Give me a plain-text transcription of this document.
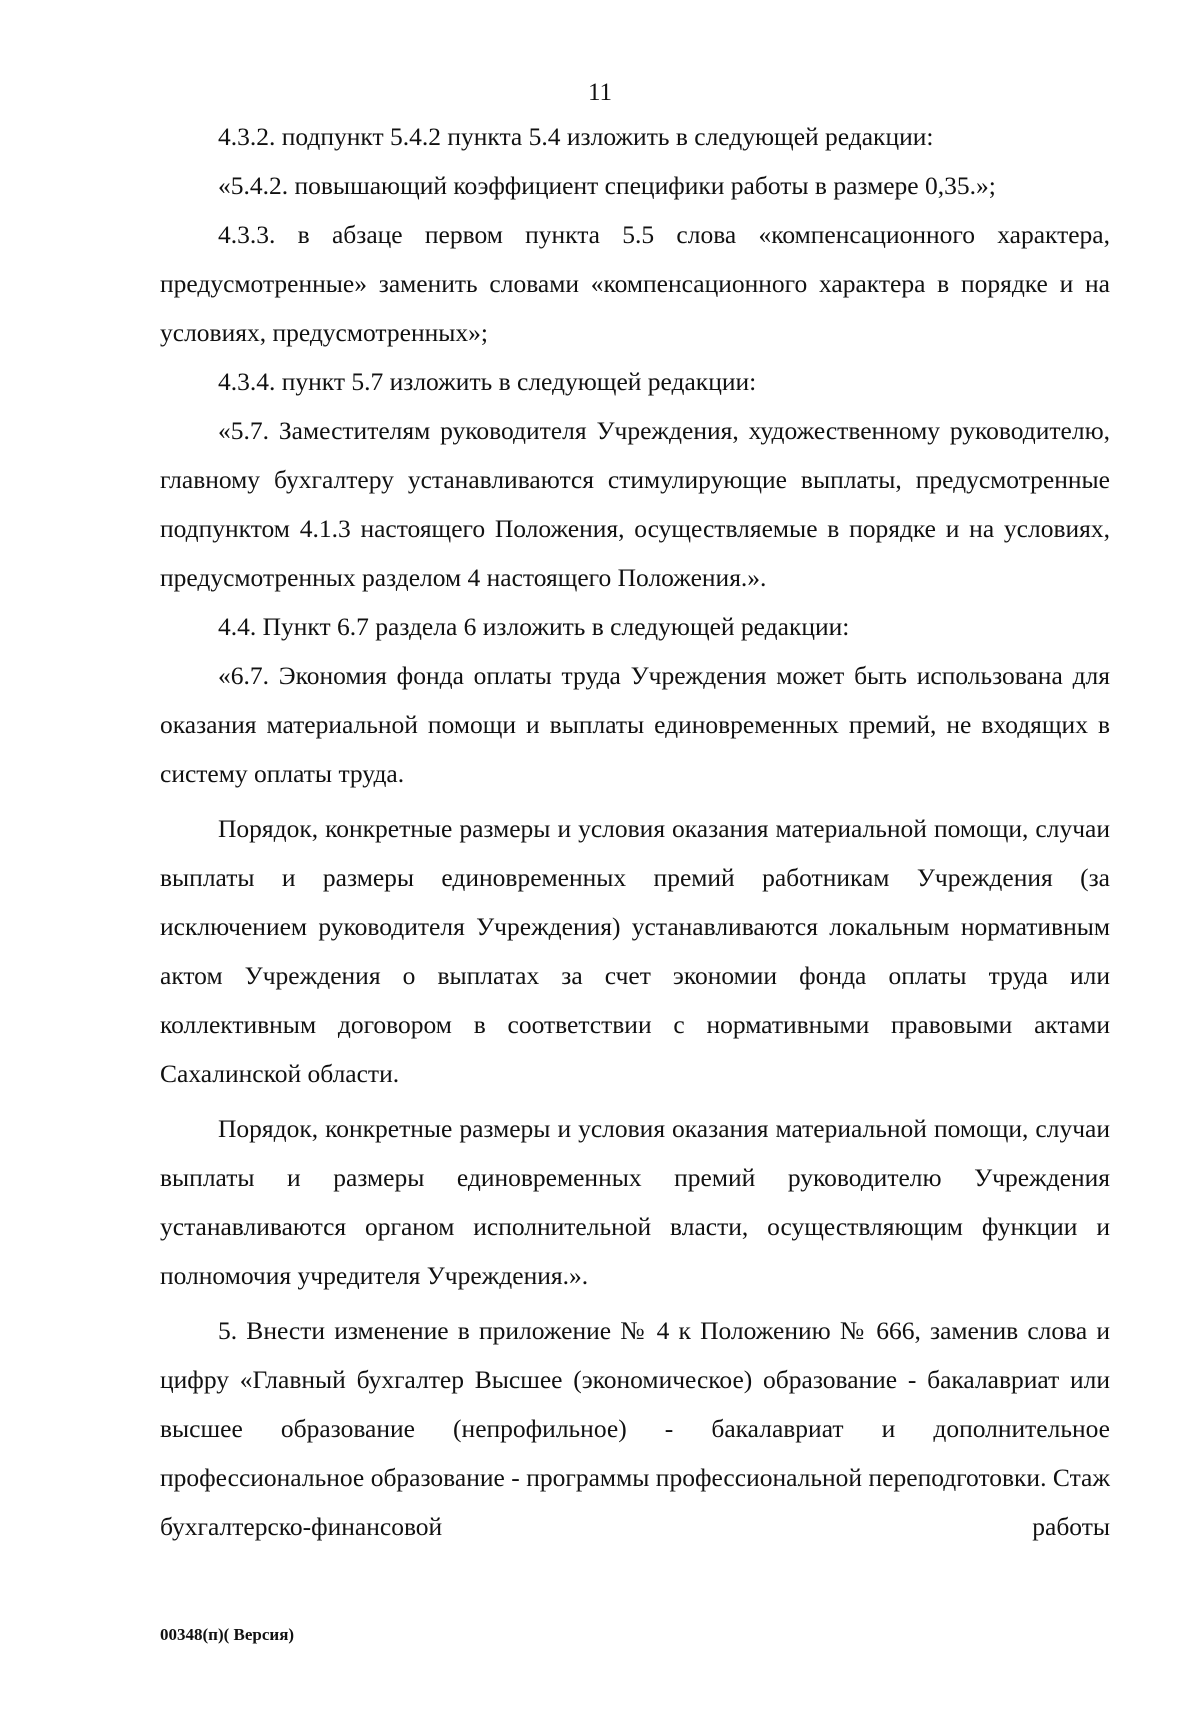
11

4.3.2. подпункт 5.4.2 пункта 5.4 изложить в следующей редакции:

«5.4.2. повышающий коэффициент специфики работы в размере 0,35.»;

4.3.3. в абзаце первом пункта 5.5 слова «компенсационного характера, предусмотренные» заменить словами «компенсационного характера в порядке и на условиях, предусмотренных»;

4.3.4. пункт 5.7 изложить в следующей редакции:

«5.7. Заместителям руководителя Учреждения, художественному руководителю, главному бухгалтеру устанавливаются стимулирующие выплаты, предусмотренные подпунктом 4.1.3 настоящего Положения, осуществляемые в порядке и на условиях, предусмотренных разделом 4 настоящего Положения.».

4.4. Пункт 6.7 раздела 6 изложить в следующей редакции:

«6.7. Экономия фонда оплаты труда Учреждения может быть использована для оказания материальной помощи и выплаты единовременных премий, не входящих в систему оплаты труда.

Порядок, конкретные размеры и условия оказания материальной помощи, случаи выплаты и размеры единовременных премий работникам Учреждения (за исключением руководителя Учреждения) устанавливаются локальным нормативным актом Учреждения о выплатах за счет экономии фонда оплаты труда или коллективным договором в соответствии с нормативными правовыми актами Сахалинской области.

Порядок, конкретные размеры и условия оказания материальной помощи, случаи выплаты и размеры единовременных премий руководителю Учреждения устанавливаются органом исполнительной власти, осуществляющим функции и полномочия учредителя Учреждения.».

5. Внести изменение в приложение № 4 к Положению № 666, заменив слова и цифру «Главный бухгалтер Высшее (экономическое) образование - бакалавриат или высшее образование (непрофильное) - бакалавриат и дополнительное профессиональное образование - программы профессиональной переподготовки. Стаж бухгалтерско-финансовой работы

00348(п)( Версия)
